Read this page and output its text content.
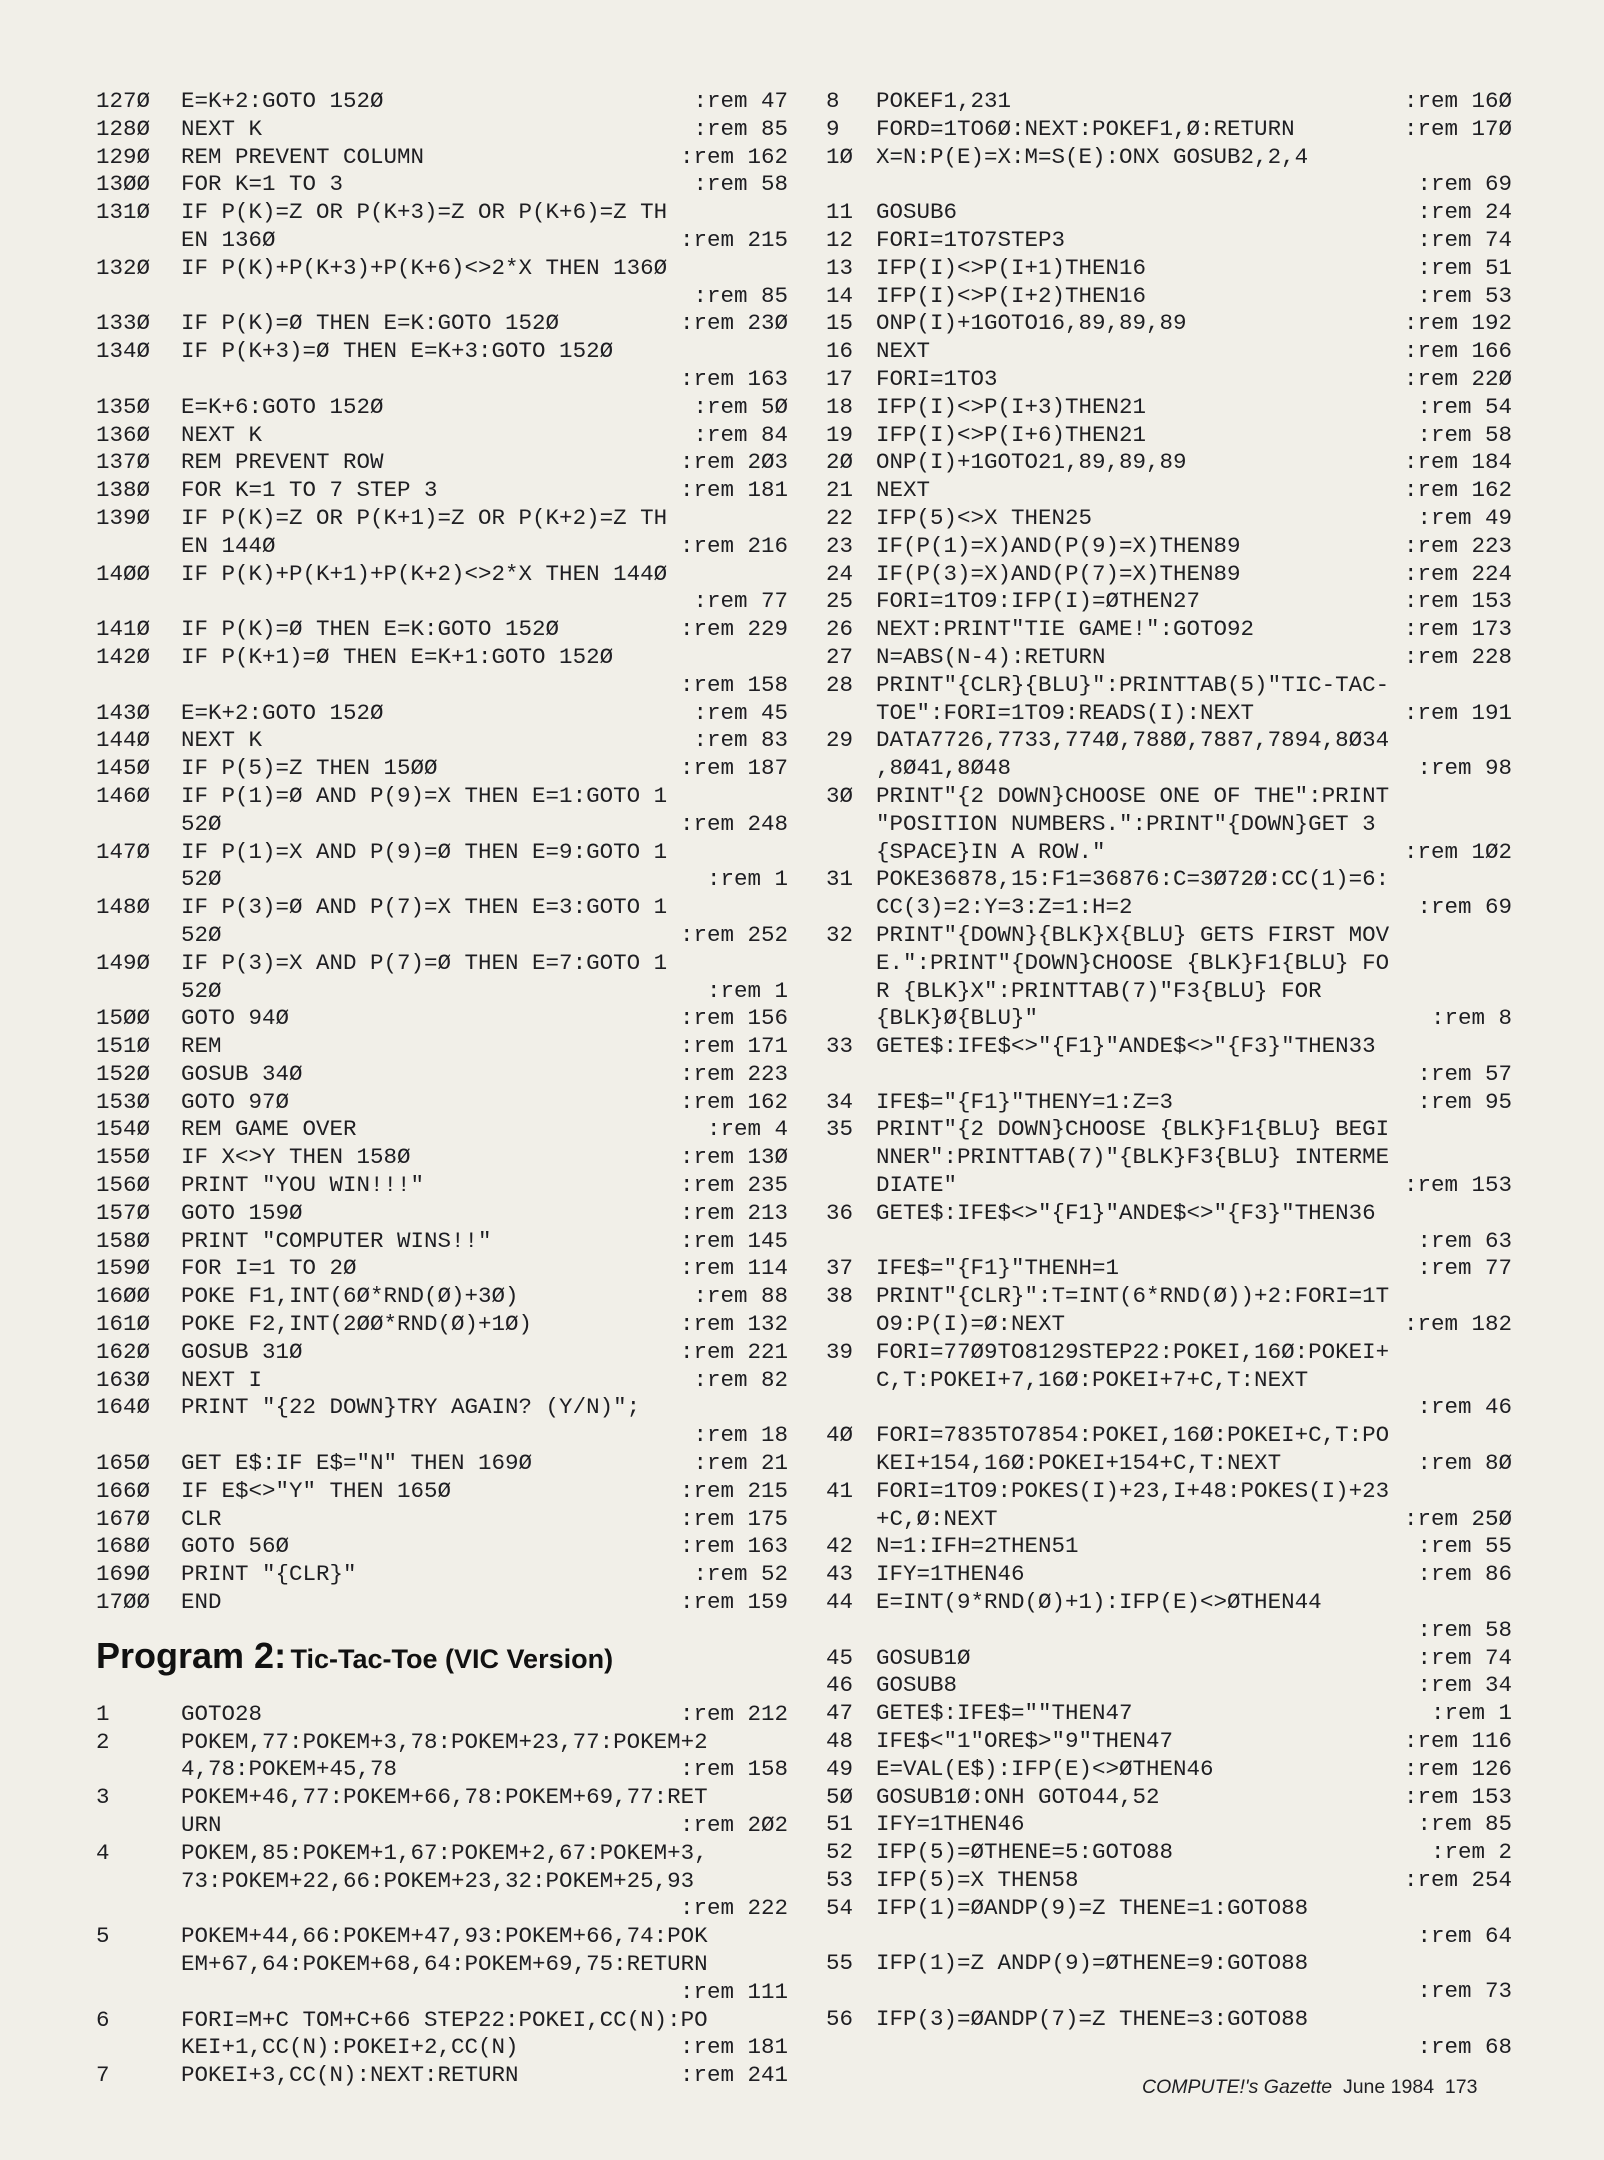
127Ø	E=K+2:GOTO 152Ø	:rem 47
128Ø	NEXT K	:rem 85
129Ø	REM PREVENT COLUMN	:rem 162
13ØØ	FOR K=1 TO 3	:rem 58
131Ø	IF P(K)=Z OR P(K+3)=Z OR P(K+6)=Z TH
EN 136Ø	:rem 215
132Ø	IF P(K)+P(K+3)+P(K+6)<>2*X THEN 136Ø
:rem 85
133Ø	IF P(K)=Ø THEN E=K:GOTO 152Ø	:rem 23Ø
134Ø	IF P(K+3)=Ø THEN E=K+3:GOTO 152Ø
:rem 163
135Ø	E=K+6:GOTO 152Ø	:rem 5Ø
136Ø	NEXT K	:rem 84
137Ø	REM PREVENT ROW	:rem 2Ø3
138Ø	FOR K=1 TO 7 STEP 3	:rem 181
139Ø	IF P(K)=Z OR P(K+1)=Z OR P(K+2)=Z TH
EN 144Ø	:rem 216
14ØØ	IF P(K)+P(K+1)+P(K+2)<>2*X THEN 144Ø
:rem 77
141Ø	IF P(K)=Ø THEN E=K:GOTO 152Ø	:rem 229
142Ø	IF P(K+1)=Ø THEN E=K+1:GOTO 152Ø
:rem 158
143Ø	E=K+2:GOTO 152Ø	:rem 45
144Ø	NEXT K	:rem 83
145Ø	IF P(5)=Z THEN 15ØØ	:rem 187
146Ø	IF P(1)=Ø AND P(9)=X THEN E=1:GOTO 1
52Ø	:rem 248
147Ø	IF P(1)=X AND P(9)=Ø THEN E=9:GOTO 1
52Ø	:rem 1
148Ø	IF P(3)=Ø AND P(7)=X THEN E=3:GOTO 1
52Ø	:rem 252
149Ø	IF P(3)=X AND P(7)=Ø THEN E=7:GOTO 1
52Ø	:rem 1
15ØØ	GOTO 94Ø	:rem 156
151Ø	REM	:rem 171
152Ø	GOSUB 34Ø	:rem 223
153Ø	GOTO 97Ø	:rem 162
154Ø	REM GAME OVER	:rem 4
155Ø	IF X<>Y THEN 158Ø	:rem 13Ø
156Ø	PRINT "YOU WIN!!!"	:rem 235
157Ø	GOTO 159Ø	:rem 213
158Ø	PRINT "COMPUTER WINS!!"	:rem 145
159Ø	FOR I=1 TO 2Ø	:rem 114
16ØØ	POKE F1,INT(6Ø*RND(Ø)+3Ø)	:rem 88
161Ø	POKE F2,INT(2ØØ*RND(Ø)+1Ø)	:rem 132
162Ø	GOSUB 31Ø	:rem 221
163Ø	NEXT I	:rem 82
164Ø	PRINT "{22 DOWN}TRY AGAIN? (Y/N)";
:rem 18
165Ø	GET E$:IF E$="N" THEN 169Ø	:rem 21
166Ø	IF E$<>"Y" THEN 165Ø	:rem 215
167Ø	CLR	:rem 175
168Ø	GOTO 56Ø	:rem 163
169Ø	PRINT "{CLR}"	:rem 52
17ØØ	END	:rem 159
Program 2: Tic-Tac-Toe (VIC Version)
1	GOTO28	:rem 212
2	POKEM,77:POKEM+3,78:POKEM+23,77:POKEM+2
4,78:POKEM+45,78	:rem 158
3	POKEM+46,77:POKEM+66,78:POKEM+69,77:RET
URN	:rem 2Ø2
4	POKEM,85:POKEM+1,67:POKEM+2,67:POKEM+3,
73:POKEM+22,66:POKEM+23,32:POKEM+25,93
:rem 222
5	POKEM+44,66:POKEM+47,93:POKEM+66,74:POK
EM+67,64:POKEM+68,64:POKEM+69,75:RETURN
:rem 111
6	FORI=M+C TOM+C+66 STEP22:POKEI,CC(N):PO
KEI+1,CC(N):POKEI+2,CC(N)	:rem 181
7	POKEI+3,CC(N):NEXT:RETURN	:rem 241
8	POKEF1,231	:rem 16Ø
9	FORD=1TO6Ø:NEXT:POKEF1,Ø:RETURN	:rem 17Ø
1Ø	X=N:P(E)=X:M=S(E):ONX GOSUB2,2,4
:rem 69
11	GOSUB6	:rem 24
12	FORI=1TO7STEP3	:rem 74
13	IFP(I)<>P(I+1)THEN16	:rem 51
14	IFP(I)<>P(I+2)THEN16	:rem 53
15	ONP(I)+1GOTO16,89,89,89	:rem 192
16	NEXT	:rem 166
17	FORI=1TO3	:rem 22Ø
18	IFP(I)<>P(I+3)THEN21	:rem 54
19	IFP(I)<>P(I+6)THEN21	:rem 58
2Ø	ONP(I)+1GOTO21,89,89,89	:rem 184
21	NEXT	:rem 162
22	IFP(5)<>X THEN25	:rem 49
23	IF(P(1)=X)AND(P(9)=X)THEN89	:rem 223
24	IF(P(3)=X)AND(P(7)=X)THEN89	:rem 224
25	FORI=1TO9:IFP(I)=ØTHEN27	:rem 153
26	NEXT:PRINT"TIE GAME!":GOTO92	:rem 173
27	N=ABS(N-4):RETURN	:rem 228
28	PRINT"{CLR}{BLU}":PRINTTAB(5)"TIC-TAC-
TOE":FORI=1TO9:READS(I):NEXT	:rem 191
29	DATA7726,7733,774Ø,788Ø,7887,7894,8Ø34
,8Ø41,8Ø48	:rem 98
3Ø	PRINT"{2 DOWN}CHOOSE ONE OF THE":PRINT
"POSITION NUMBERS.":PRINT"{DOWN}GET 3
{SPACE}IN A ROW."	:rem 1Ø2
31	POKE36878,15:F1=36876:C=3Ø72Ø:CC(1)=6:
CC(3)=2:Y=3:Z=1:H=2	:rem 69
32	PRINT"{DOWN}{BLK}X{BLU} GETS FIRST MOV
E.":PRINT"{DOWN}CHOOSE {BLK}F1{BLU} FO
R {BLK}X":PRINTTAB(7)"F3{BLU} FOR
{BLK}Ø{BLU}"	:rem 8
33	GETE$:IFE$<>"{F1}"ANDE$<>"{F3}"THEN33
:rem 57
34	IFE$="{F1}"THENY=1:Z=3	:rem 95
35	PRINT"{2 DOWN}CHOOSE {BLK}F1{BLU} BEGI
NNER":PRINTTAB(7)"{BLK}F3{BLU} INTERME
DIATE"	:rem 153
36	GETE$:IFE$<>"{F1}"ANDE$<>"{F3}"THEN36
:rem 63
37	IFE$="{F1}"THENH=1	:rem 77
38	PRINT"{CLR}":T=INT(6*RND(Ø))+2:FORI=1T
O9:P(I)=Ø:NEXT	:rem 182
39	FORI=77Ø9TO8129STEP22:POKEI,16Ø:POKEI+
C,T:POKEI+7,16Ø:POKEI+7+C,T:NEXT
:rem 46
4Ø	FORI=7835TO7854:POKEI,16Ø:POKEI+C,T:PO
KEI+154,16Ø:POKEI+154+C,T:NEXT	:rem 8Ø
41	FORI=1TO9:POKES(I)+23,I+48:POKES(I)+23
+C,Ø:NEXT	:rem 25Ø
42	N=1:IFH=2THEN51	:rem 55
43	IFY=1THEN46	:rem 86
44	E=INT(9*RND(Ø)+1):IFP(E)<>ØTHEN44
:rem 58
45	GOSUB1Ø	:rem 74
46	GOSUB8	:rem 34
47	GETE$:IFE$=""THEN47	:rem 1
48	IFE$<"1"ORE$>"9"THEN47	:rem 116
49	E=VAL(E$):IFP(E)<>ØTHEN46	:rem 126
5Ø	GOSUB1Ø:ONH GOTO44,52	:rem 153
51	IFY=1THEN46	:rem 85
52	IFP(5)=ØTHENE=5:GOTO88	:rem 2
53	IFP(5)=X THEN58	:rem 254
54	IFP(1)=ØANDP(9)=Z THENE=1:GOTO88
:rem 64
55	IFP(1)=Z ANDP(9)=ØTHENE=9:GOTO88
:rem 73
56	IFP(3)=ØANDP(7)=Z THENE=3:GOTO88
:rem 68
COMPUTE!'s Gazette June 1984 173
